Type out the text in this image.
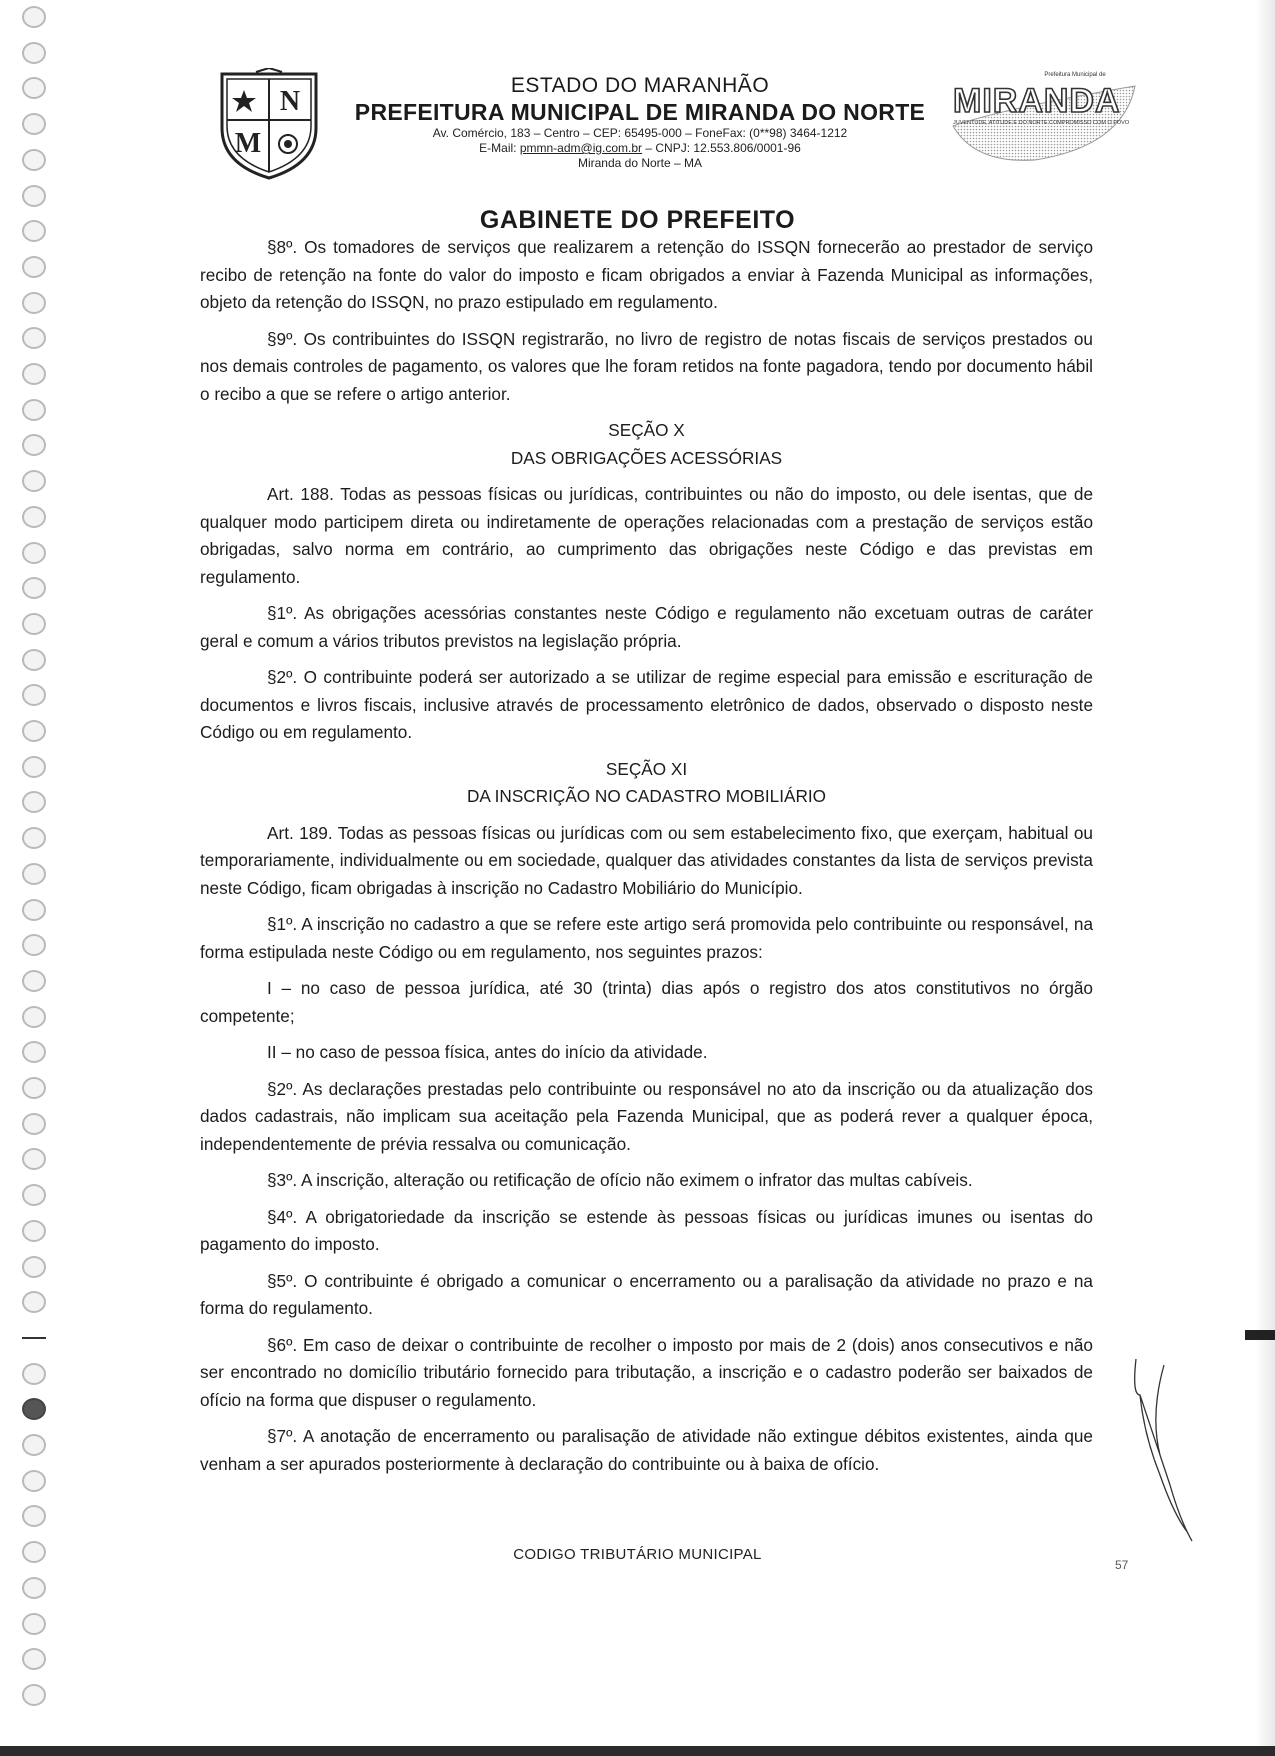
N
M
ESTADO DO MARANHÃO
PREFEITURA MUNICIPAL DE MIRANDA DO NORTE
Av. Comércio, 183 – Centro – CEP: 65495-000 – FoneFax: (0**98) 3464-1212
E-Mail: pmmn-adm@ig.com.br – CNPJ: 12.553.806/0001-96
Miranda do Norte – MA
Prefeitura Municipal de
MIRANDA
JUVENTUDE, ATITUDE E DO NORTE COMPROMISSO COM O POVO
GABINETE DO PREFEITO

§8º. Os tomadores de serviços que realizarem a retenção do ISSQN fornecerão ao prestador de serviço recibo de retenção na fonte do valor do imposto e ficam obrigados a enviar à Fazenda Municipal as informações, objeto da retenção do ISSQN, no prazo estipulado em regulamento.

§9º. Os contribuintes do ISSQN registrarão, no livro de registro de notas fiscais de serviços prestados ou nos demais controles de pagamento, os valores que lhe foram retidos na fonte pagadora, tendo por documento hábil o recibo a que se refere o artigo anterior.

SEÇÃO X

DAS OBRIGAÇÕES ACESSÓRIAS

Art. 188. Todas as pessoas físicas ou jurídicas, contribuintes ou não do imposto, ou dele isentas, que de qualquer modo participem direta ou indiretamente de operações relacionadas com a prestação de serviços estão obrigadas, salvo norma em contrário, ao cumprimento das obrigações neste Código e das previstas em regulamento.

§1º. As obrigações acessórias constantes neste Código e regulamento não excetuam outras de caráter geral e comum a vários tributos previstos na legislação própria.

§2º. O contribuinte poderá ser autorizado a se utilizar de regime especial para emissão e escrituração de documentos e livros fiscais, inclusive através de processamento eletrônico de dados, observado o disposto neste Código ou em regulamento.

SEÇÃO XI

DA INSCRIÇÃO NO CADASTRO MOBILIÁRIO

Art. 189. Todas as pessoas físicas ou jurídicas com ou sem estabelecimento fixo, que exerçam, habitual ou temporariamente, individualmente ou em sociedade, qualquer das atividades constantes da lista de serviços prevista neste Código, ficam obrigadas à inscrição no Cadastro Mobiliário do Município.

§1º. A inscrição no cadastro a que se refere este artigo será promovida pelo contribuinte ou responsável, na forma estipulada neste Código ou em regulamento, nos seguintes prazos:

I – no caso de pessoa jurídica, até 30 (trinta) dias após o registro dos atos constitutivos no órgão competente;

II – no caso de pessoa física, antes do início da atividade.

§2º. As declarações prestadas pelo contribuinte ou responsável no ato da inscrição ou da atualização dos dados cadastrais, não implicam sua aceitação pela Fazenda Municipal, que as poderá rever a qualquer época, independentemente de prévia ressalva ou comunicação.

§3º. A inscrição, alteração ou retificação de ofício não eximem o infrator das multas cabíveis.

§4º. A obrigatoriedade da inscrição se estende às pessoas físicas ou jurídicas imunes ou isentas do pagamento do imposto.

§5º. O contribuinte é obrigado a comunicar o encerramento ou a paralisação da atividade no prazo e na forma do regulamento.

§6º. Em caso de deixar o contribuinte de recolher o imposto por mais de 2 (dois) anos consecutivos e não ser encontrado no domicílio tributário fornecido para tributação, a inscrição e o cadastro poderão ser baixados de ofício na forma que dispuser o regulamento.

§7º. A anotação de encerramento ou paralisação de atividade não extingue débitos existentes, ainda que venham a ser apurados posteriormente à declaração do contribuinte ou à baixa de ofício.

CODIGO TRIBUTÁRIO MUNICIPAL
57
